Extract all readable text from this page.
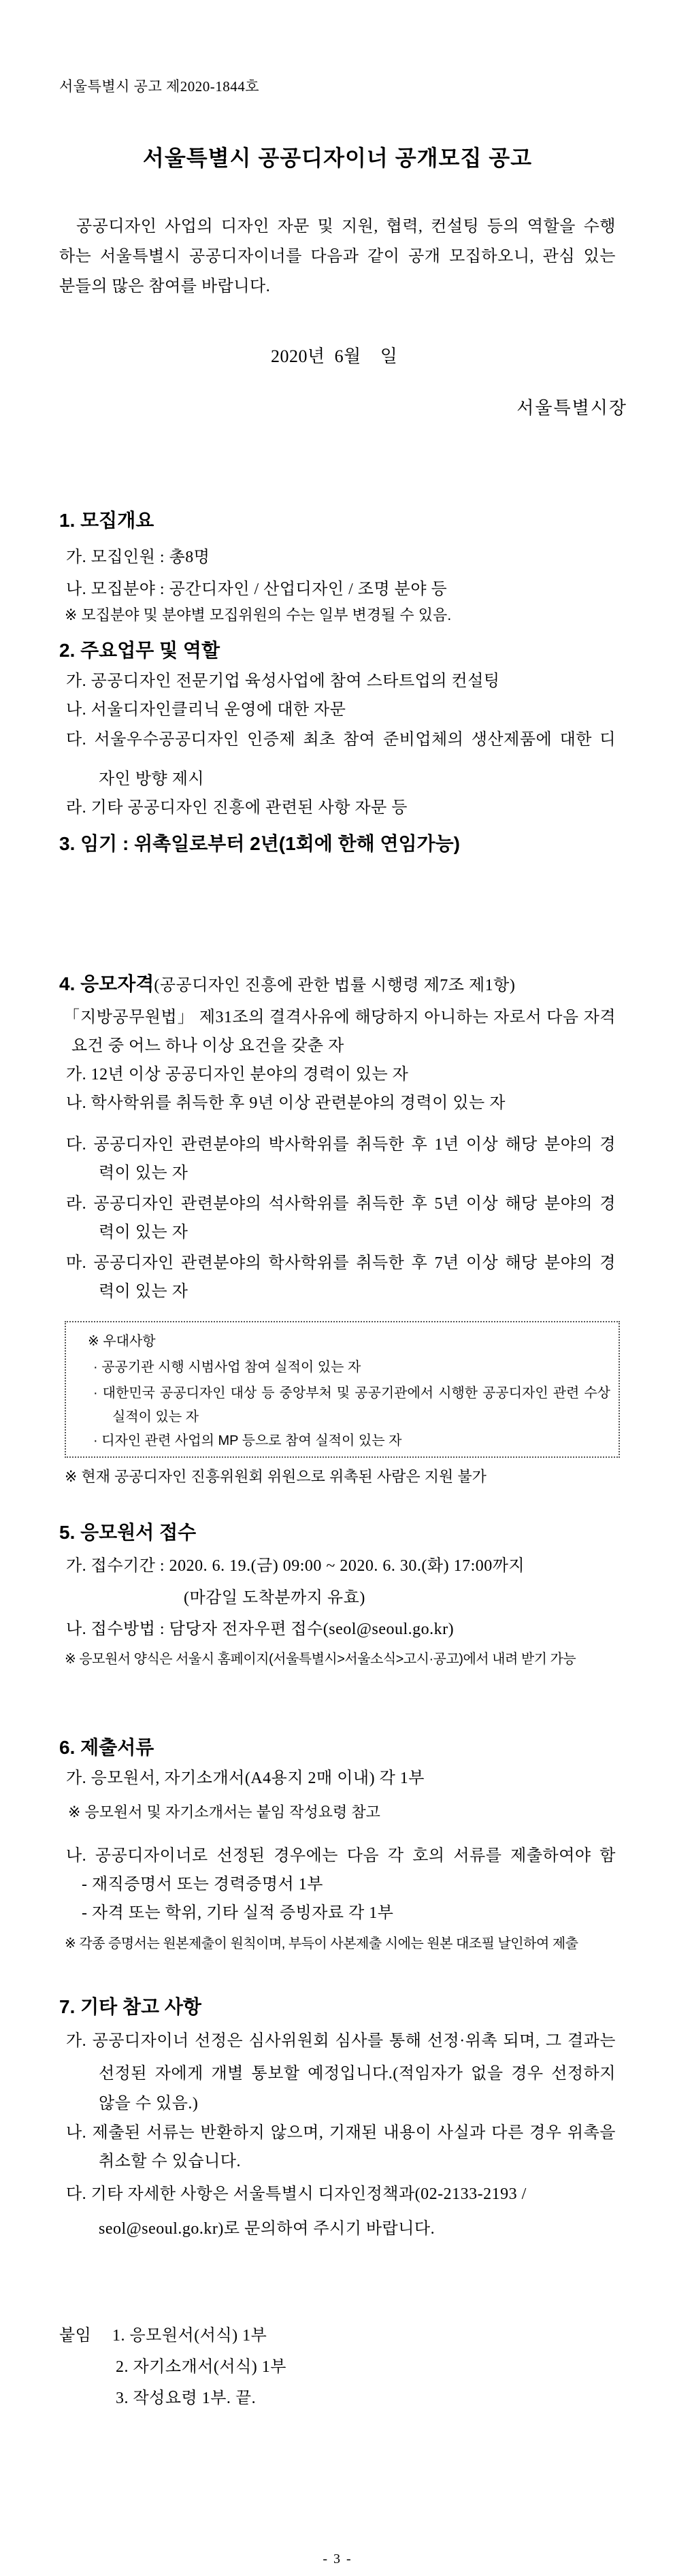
서울특별시 공고 제2020-1844호
서울특별시 공공디자이너 공개모집 공고
공공디자인 사업의 디자인 자문 및 지원, 협력, 컨설팅 등의 역할을 수행
하는 서울특별시 공공디자이너를 다음과 같이 공개 모집하오니, 관심 있는
분들의 많은 참여를 바랍니다.
2020년  6월    일
서울특별시장
1. 모집개요
가. 모집인원 : 총8명
나. 모집분야 : 공간디자인 / 산업디자인 / 조명 분야 등
※ 모집분야 및 분야별 모집위원의 수는 일부 변경될 수 있음.
2. 주요업무 및 역할
가. 공공디자인 전문기업 육성사업에 참여 스타트업의 컨설팅
나. 서울디자인클리닉 운영에 대한 자문
다. 서울우수공공디자인 인증제 최초 참여 준비업체의 생산제품에 대한 디
자인 방향 제시
라. 기타 공공디자인 진흥에 관련된 사항 자문 등
3. 임기 : 위촉일로부터 2년(1회에 한해 연임가능)
4. 응모자격(공공디자인 진흥에 관한 법률 시행령 제7조 제1항)
「지방공무원법」 제31조의 결격사유에 해당하지 아니하는 자로서 다음 자격
요건 중 어느 하나 이상 요건을 갖춘 자
가. 12년 이상 공공디자인 분야의 경력이 있는 자
나. 학사학위를 취득한 후 9년 이상 관련분야의 경력이 있는 자
다. 공공디자인 관련분야의 박사학위를 취득한 후 1년 이상 해당 분야의 경
력이 있는 자
라. 공공디자인 관련분야의 석사학위를 취득한 후 5년 이상 해당 분야의 경
력이 있는 자
마. 공공디자인 관련분야의 학사학위를 취득한 후 7년 이상 해당 분야의 경
력이 있는 자
※ 우대사항
· 공공기관 시행 시범사업 참여 실적이 있는 자
· 대한민국 공공디자인 대상 등 중앙부처 및 공공기관에서 시행한 공공디자인 관련 수상
실적이 있는 자
· 디자인 관련 사업의 MP 등으로 참여 실적이 있는 자
※ 현재 공공디자인 진흥위원회 위원으로 위촉된 사람은 지원 불가
5. 응모원서 접수
가. 접수기간 : 2020. 6. 19.(금) 09:00 ~ 2020. 6. 30.(화) 17:00까지
(마감일 도착분까지 유효)
나. 접수방법 : 담당자 전자우편 접수(seol@seoul.go.kr)
※ 응모원서 양식은 서울시 홈페이지(서울특별시>서울소식>고시·공고)에서 내려 받기 가능
6. 제출서류
가. 응모원서, 자기소개서(A4용지 2매 이내) 각 1부
※ 응모원서 및 자기소개서는 붙임 작성요령 참고
나. 공공디자이너로 선정된 경우에는 다음 각 호의 서류를 제출하여야 함
- 재직증명서 또는 경력증명서 1부
- 자격 또는 학위, 기타 실적 증빙자료 각 1부
※ 각종 증명서는 원본제출이 원칙이며, 부득이 사본제출 시에는 원본 대조필 날인하여 제출
7. 기타 참고 사항
가. 공공디자이너 선정은 심사위원회 심사를 통해 선정·위촉 되며, 그 결과는
선정된 자에게 개별 통보할 예정입니다.(적임자가 없을 경우 선정하지
않을 수 있음.)
나. 제출된 서류는 반환하지 않으며, 기재된 내용이 사실과 다른 경우 위촉을
취소할 수 있습니다.
다. 기타 자세한 사항은 서울특별시 디자인정책과(02-2133-2193 /
seol@seoul.go.kr)로 문의하여 주시기 바랍니다.
붙임 1. 응모원서(서식) 1부
2. 자기소개서(서식) 1부
3. 작성요령 1부. 끝.
- 3 -
